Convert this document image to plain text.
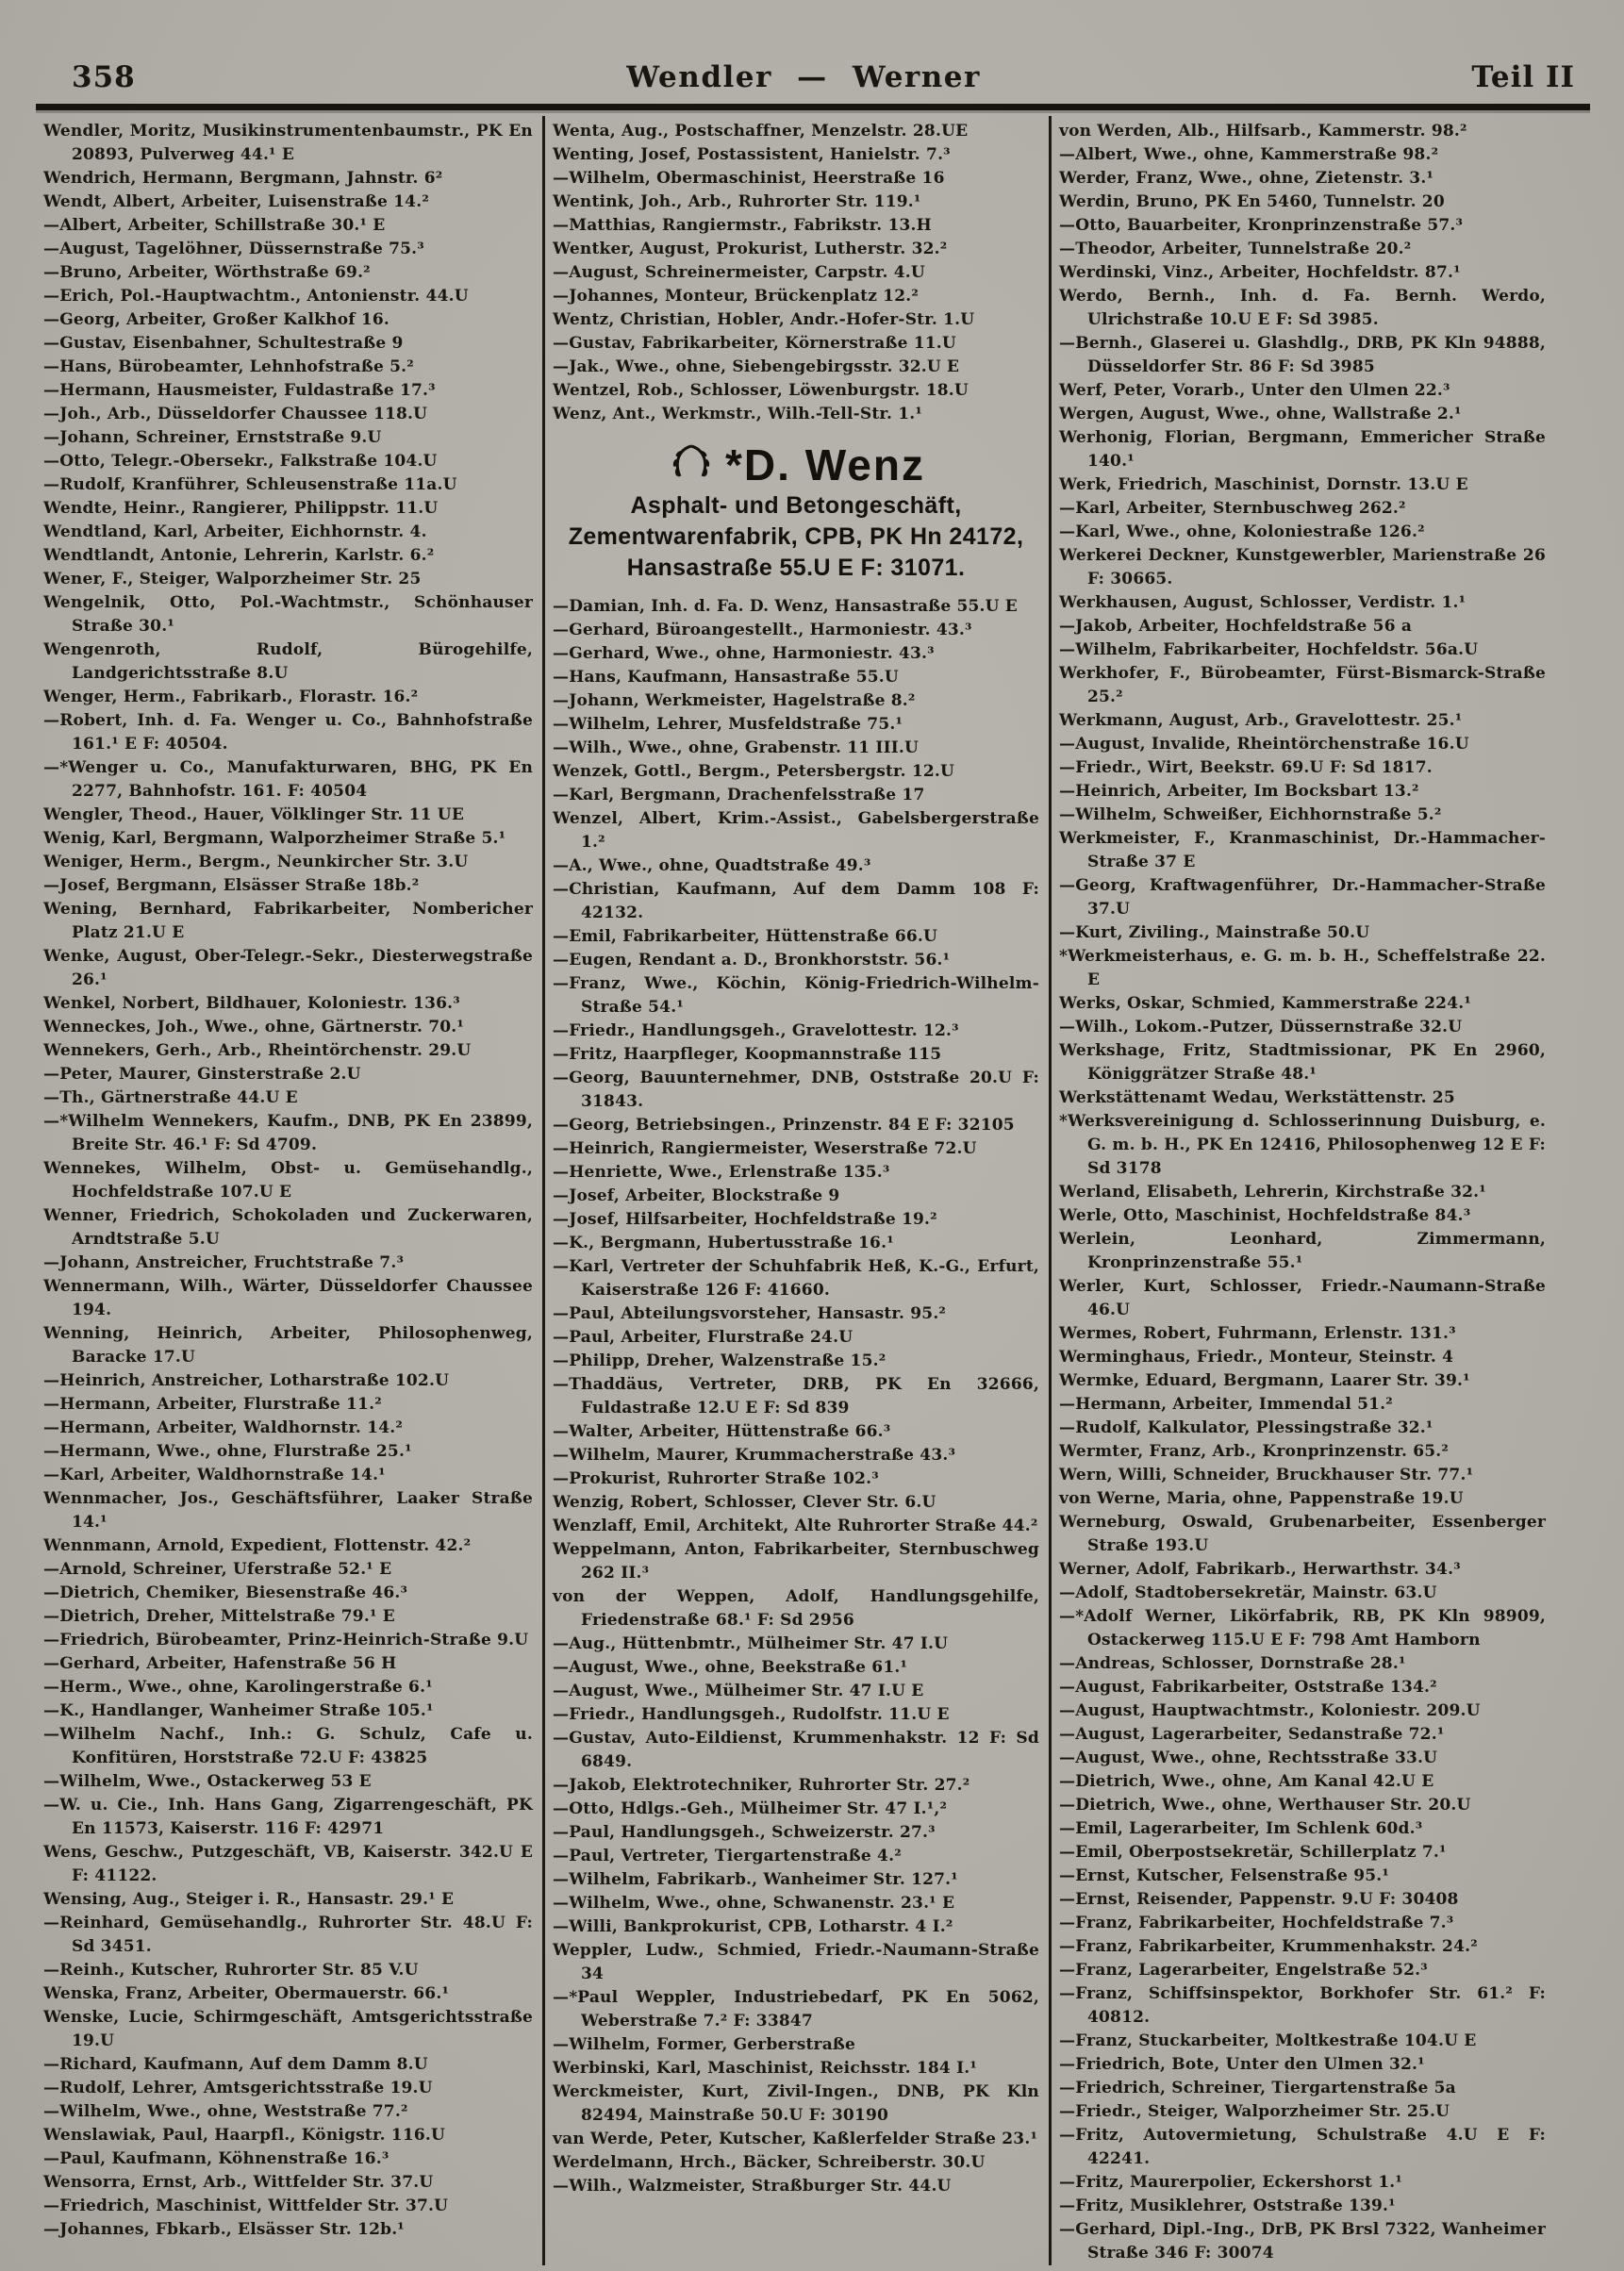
358	Wendler — Werner	Teil II
Wendler, Moritz, Musikinstrumentenbaumstr., PK En 20893, Pulverweg 44.¹ E
Wendrich, Hermann, Bergmann, Jahnstr. 6²
Wendt, Albert, Arbeiter, Luisenstraße 14.²
—Albert, Arbeiter, Schillstraße 30.¹ E
—August, Tagelöhner, Düssernstraße 75.³
—Bruno, Arbeiter, Wörthstraße 69.²
—Erich, Pol.-Hauptwachtm., Antonienstr. 44.U
—Georg, Arbeiter, Großer Kalkhof 16.
—Gustav, Eisenbahner, Schultestraße 9
—Hans, Bürobeamter, Lehnhofstraße 5.²
—Hermann, Hausmeister, Fuldastraße 17.³
—Joh., Arb., Düsseldorfer Chaussee 118.U
—Johann, Schreiner, Ernststraße 9.U
—Otto, Telegr.-Obersekr., Falkstraße 104.U
—Rudolf, Kranführer, Schleusenstraße 11a.U
Wendte, Heinr., Rangierer, Philippstr. 11.U
Wendtland, Karl, Arbeiter, Eichhornstr. 4.
Wendtlandt, Antonie, Lehrerin, Karlstr. 6.²
Wener, F., Steiger, Walporzheimer Str. 25
Wengelnik, Otto, Pol.-Wachtmstr., Schönhauser Straße 30.¹
Wengenroth, Rudolf, Bürogehilfe, Landgerichtsstraße 8.U
Wenger, Herm., Fabrikarb., Florastr. 16.²
—Robert, Inh. d. Fa. Wenger u. Co., Bahnhofstraße 161.¹ E F: 40504.
—*Wenger u. Co., Manufakturwaren, BHG, PK En 2277, Bahnhofstr. 161. F: 40504
Wengler, Theod., Hauer, Völklinger Str. 11 UE
Wenig, Karl, Bergmann, Walporzheimer Straße 5.¹
Weniger, Herm., Bergm., Neunkircher Str. 3.U
—Josef, Bergmann, Elsässer Straße 18b.²
Wening, Bernhard, Fabrikarbeiter, Nombericher Platz 21.U E
Wenke, August, Ober-Telegr.-Sekr., Diesterwegstraße 26.¹
Wenkel, Norbert, Bildhauer, Koloniestr. 136.³
Wenneckes, Joh., Wwe., ohne, Gärtnerstr. 70.¹
Wennekers, Gerh., Arb., Rheintörchenstr. 29.U
—Peter, Maurer, Ginsterstraße 2.U
—Th., Gärtnerstraße 44.U E
—*Wilhelm Wennekers, Kaufm., DNB, PK En 23899, Breite Str. 46.¹ F: Sd 4709.
Wennekes, Wilhelm, Obst- u. Gemüsehandlg., Hochfeldstraße 107.U E
Wenner, Friedrich, Schokoladen und Zuckerwaren, Arndtstraße 5.U
—Johann, Anstreicher, Fruchtstraße 7.³
Wennermann, Wilh., Wärter, Düsseldorfer Chaussee 194.
Wenning, Heinrich, Arbeiter, Philosophenweg, Baracke 17.U
—Heinrich, Anstreicher, Lotharstraße 102.U
—Hermann, Arbeiter, Flurstraße 11.²
—Hermann, Arbeiter, Waldhornstr. 14.²
—Hermann, Wwe., ohne, Flurstraße 25.¹
—Karl, Arbeiter, Waldhornstraße 14.¹
Wennmacher, Jos., Geschäftsführer, Laaker Straße 14.¹
Wennmann, Arnold, Expedient, Flottenstr. 42.²
—Arnold, Schreiner, Uferstraße 52.¹ E
—Dietrich, Chemiker, Biesenstraße 46.³
—Dietrich, Dreher, Mittelstraße 79.¹ E
—Friedrich, Bürobeamter, Prinz-Heinrich-Straße 9.U
—Gerhard, Arbeiter, Hafenstraße 56 H
—Herm., Wwe., ohne, Karolingerstraße 6.¹
—K., Handlanger, Wanheimer Straße 105.¹
—Wilhelm Nachf., Inh.: G. Schulz, Cafe u. Konfitüren, Horststraße 72.U F: 43825
—Wilhelm, Wwe., Ostackerweg 53 E
—W. u. Cie., Inh. Hans Gang, Zigarrengeschäft, PK En 11573, Kaiserstr. 116 F: 42971
Wens, Geschw., Putzgeschäft, VB, Kaiserstr. 342.U E F: 41122.
Wensing, Aug., Steiger i. R., Hansastr. 29.¹ E
—Reinhard, Gemüsehandlg., Ruhrorter Str. 48.U F: Sd 3451.
—Reinh., Kutscher, Ruhrorter Str. 85 V.U
Wenska, Franz, Arbeiter, Obermauerstr. 66.¹
Wenske, Lucie, Schirmgeschäft, Amtsgerichtsstraße 19.U
—Richard, Kaufmann, Auf dem Damm 8.U
—Rudolf, Lehrer, Amtsgerichtsstraße 19.U
—Wilhelm, Wwe., ohne, Weststraße 77.²
Wenslawiak, Paul, Haarpfl., Königstr. 116.U
—Paul, Kaufmann, Köhnenstraße 16.³
Wensorra, Ernst, Arb., Wittfelder Str. 37.U
—Friedrich, Maschinist, Wittfelder Str. 37.U
—Johannes, Fbkarb., Elsässer Str. 12b.¹
Wenta, Aug., Postschaffner, Menzelstr. 28.UE
Wenting, Josef, Postassistent, Hanielstr. 7.³
—Wilhelm, Obermaschinist, Heerstraße 16
Wentink, Joh., Arb., Ruhrorter Str. 119.¹
—Matthias, Rangiermstr., Fabrikstr. 13.H
Wentker, August, Prokurist, Lutherstr. 32.²
—August, Schreinermeister, Carpstr. 4.U
—Johannes, Monteur, Brückenplatz 12.²
Wentz, Christian, Hobler, Andr.-Hofer-Str. 1.U
—Gustav, Fabrikarbeiter, Körnerstraße 11.U
—Jak., Wwe., ohne, Siebengebirgsstr. 32.U E
Wentzel, Rob., Schlosser, Löwenburgstr. 18.U
Wenz, Ant., Werkmstr., Wilh.-Tell-Str. 1.¹
*D. Wenz
Asphalt- und Betongeschäft,
Zementwarenfabrik, CPB, PK Hn 24172,
Hansastraße 55.U E F: 31071.
—Damian, Inh. d. Fa. D. Wenz, Hansastraße 55.U E
—Gerhard, Büroangestellt., Harmoniestr. 43.³
—Gerhard, Wwe., ohne, Harmoniestr. 43.³
—Hans, Kaufmann, Hansastraße 55.U
—Johann, Werkmeister, Hagelstraße 8.²
—Wilhelm, Lehrer, Musfeldstraße 75.¹
—Wilh., Wwe., ohne, Grabenstr. 11 III.U
Wenzek, Gottl., Bergm., Petersbergstr. 12.U
—Karl, Bergmann, Drachenfelsstraße 17
Wenzel, Albert, Krim.-Assist., Gabelsbergerstraße 1.²
—A., Wwe., ohne, Quadtstraße 49.³
—Christian, Kaufmann, Auf dem Damm 108 F: 42132.
—Emil, Fabrikarbeiter, Hüttenstraße 66.U
—Eugen, Rendant a. D., Bronkhorststr. 56.¹
—Franz, Wwe., Köchin, König-Friedrich-Wilhelm-Straße 54.¹
—Friedr., Handlungsgeh., Gravelottestr. 12.³
—Fritz, Haarpfleger, Koopmannstraße 115
—Georg, Bauunternehmer, DNB, Oststraße 20.U F: 31843.
—Georg, Betriebsingen., Prinzenstr. 84 E F: 32105
—Heinrich, Rangiermeister, Weserstraße 72.U
—Henriette, Wwe., Erlenstraße 135.³
—Josef, Arbeiter, Blockstraße 9
—Josef, Hilfsarbeiter, Hochfeldstraße 19.²
—K., Bergmann, Hubertusstraße 16.¹
—Karl, Vertreter der Schuhfabrik Heß, K.-G., Erfurt, Kaiserstraße 126 F: 41660.
—Paul, Abteilungsvorsteher, Hansastr. 95.²
—Paul, Arbeiter, Flurstraße 24.U
—Philipp, Dreher, Walzenstraße 15.²
—Thaddäus, Vertreter, DRB, PK En 32666, Fuldastraße 12.U E F: Sd 839
—Walter, Arbeiter, Hüttenstraße 66.³
—Wilhelm, Maurer, Krummacherstraße 43.³
—Prokurist, Ruhrorter Straße 102.³
Wenzig, Robert, Schlosser, Clever Str. 6.U
Wenzlaff, Emil, Architekt, Alte Ruhrorter Straße 44.²
Weppelmann, Anton, Fabrikarbeiter, Sternbuschweg 262 II.³
von der Weppen, Adolf, Handlungsgehilfe, Friedenstraße 68.¹ F: Sd 2956
—Aug., Hüttenbmtr., Mülheimer Str. 47 I.U
—August, Wwe., ohne, Beekstraße 61.¹
—August, Wwe., Mülheimer Str. 47 I.U E
—Friedr., Handlungsgeh., Rudolfstr. 11.U E
—Gustav, Auto-Eildienst, Krummenhakstr. 12 F: Sd 6849.
—Jakob, Elektrotechniker, Ruhrorter Str. 27.²
—Otto, Hdlgs.-Geh., Mülheimer Str. 47 I.¹,²
—Paul, Handlungsgeh., Schweizerstr. 27.³
—Paul, Vertreter, Tiergartenstraße 4.²
—Wilhelm, Fabrikarb., Wanheimer Str. 127.¹
—Wilhelm, Wwe., ohne, Schwanenstr. 23.¹ E
—Willi, Bankprokurist, CPB, Lotharstr. 4 I.²
Weppler, Ludw., Schmied, Friedr.-Naumann-Straße 34
—*Paul Weppler, Industriebedarf, PK En 5062, Weberstraße 7.² F: 33847
—Wilhelm, Former, Gerberstraße
Werbinski, Karl, Maschinist, Reichsstr. 184 I.¹
Werckmeister, Kurt, Zivil-Ingen., DNB, PK Kln 82494, Mainstraße 50.U F: 30190
van Werde, Peter, Kutscher, Kaßlerfelder Straße 23.¹
Werdelmann, Hrch., Bäcker, Schreiberstr. 30.U
—Wilh., Walzmeister, Straßburger Str. 44.U
von Werden, Alb., Hilfsarb., Kammerstr. 98.²
—Albert, Wwe., ohne, Kammerstraße 98.²
Werder, Franz, Wwe., ohne, Zietenstr. 3.¹
Werdin, Bruno, PK En 5460, Tunnelstr. 20
—Otto, Bauarbeiter, Kronprinzenstraße 57.³
—Theodor, Arbeiter, Tunnelstraße 20.²
Werdinski, Vinz., Arbeiter, Hochfeldstr. 87.¹
Werdo, Bernh., Inh. d. Fa. Bernh. Werdo, Ulrichstraße 10.U E F: Sd 3985.
—Bernh., Glaserei u. Glashdlg., DRB, PK Kln 94888, Düsseldorfer Str. 86 F: Sd 3985
Werf, Peter, Vorarb., Unter den Ulmen 22.³
Wergen, August, Wwe., ohne, Wallstraße 2.¹
Werhonig, Florian, Bergmann, Emmericher Straße 140.¹
Werk, Friedrich, Maschinist, Dornstr. 13.U E
—Karl, Arbeiter, Sternbuschweg 262.²
—Karl, Wwe., ohne, Koloniestraße 126.²
Werkerei Deckner, Kunstgewerbler, Marienstraße 26 F: 30665.
Werkhausen, August, Schlosser, Verdistr. 1.¹
—Jakob, Arbeiter, Hochfeldstraße 56 a
—Wilhelm, Fabrikarbeiter, Hochfeldstr. 56a.U
Werkhofer, F., Bürobeamter, Fürst-Bismarck-Straße 25.²
Werkmann, August, Arb., Gravelottestr. 25.¹
—August, Invalide, Rheintörchenstraße 16.U
—Friedr., Wirt, Beekstr. 69.U F: Sd 1817.
—Heinrich, Arbeiter, Im Bocksbart 13.²
—Wilhelm, Schweißer, Eichhornstraße 5.²
Werkmeister, F., Kranmaschinist, Dr.-Hammacher-Straße 37 E
—Georg, Kraftwagenführer, Dr.-Hammacher-Straße 37.U
—Kurt, Ziviling., Mainstraße 50.U
*Werkmeisterhaus, e. G. m. b. H., Scheffelstraße 22. E
Werks, Oskar, Schmied, Kammerstraße 224.¹
—Wilh., Lokom.-Putzer, Düssernstraße 32.U
Werkshage, Fritz, Stadtmissionar, PK En 2960, Königgrätzer Straße 48.¹
Werkstättenamt Wedau, Werkstättenstr. 25
*Werksvereinigung d. Schlosserinnung Duisburg, e. G. m. b. H., PK En 12416, Philosophenweg 12 E F: Sd 3178
Werland, Elisabeth, Lehrerin, Kirchstraße 32.¹
Werle, Otto, Maschinist, Hochfeldstraße 84.³
Werlein, Leonhard, Zimmermann, Kronprinzenstraße 55.¹
Werler, Kurt, Schlosser, Friedr.-Naumann-Straße 46.U
Wermes, Robert, Fuhrmann, Erlenstr. 131.³
Werminghaus, Friedr., Monteur, Steinstr. 4
Wermke, Eduard, Bergmann, Laarer Str. 39.¹
—Hermann, Arbeiter, Immendal 51.²
—Rudolf, Kalkulator, Plessingstraße 32.¹
Wermter, Franz, Arb., Kronprinzenstr. 65.²
Wern, Willi, Schneider, Bruckhauser Str. 77.¹
von Werne, Maria, ohne, Pappenstraße 19.U
Werneburg, Oswald, Grubenarbeiter, Essenberger Straße 193.U
Werner, Adolf, Fabrikarb., Herwarthstr. 34.³
—Adolf, Stadtobersekretär, Mainstr. 63.U
—*Adolf Werner, Likörfabrik, RB, PK Kln 98909, Ostackerweg 115.U E F: 798 Amt Hamborn
—Andreas, Schlosser, Dornstraße 28.¹
—August, Fabrikarbeiter, Oststraße 134.²
—August, Hauptwachtmstr., Koloniestr. 209.U
—August, Lagerarbeiter, Sedanstraße 72.¹
—August, Wwe., ohne, Rechtsstraße 33.U
—Dietrich, Wwe., ohne, Am Kanal 42.U E
—Dietrich, Wwe., ohne, Werthauser Str. 20.U
—Emil, Lagerarbeiter, Im Schlenk 60d.³
—Emil, Oberpostsekretär, Schillerplatz 7.¹
—Ernst, Kutscher, Felsenstraße 95.¹
—Ernst, Reisender, Pappenstr. 9.U F: 30408
—Franz, Fabrikarbeiter, Hochfeldstraße 7.³
—Franz, Fabrikarbeiter, Krummenhakstr. 24.²
—Franz, Lagerarbeiter, Engelstraße 52.³
—Franz, Schiffsinspektor, Borkhofer Str. 61.² F: 40812.
—Franz, Stuckarbeiter, Moltkestraße 104.U E
—Friedrich, Bote, Unter den Ulmen 32.¹
—Friedrich, Schreiner, Tiergartenstraße 5a
—Friedr., Steiger, Walporzheimer Str. 25.U
—Fritz, Autovermietung, Schulstraße 4.U E F: 42241.
—Fritz, Maurerpolier, Eckershorst 1.¹
—Fritz, Musiklehrer, Oststraße 139.¹
—Gerhard, Dipl.-Ing., DrB, PK Brsl 7322, Wanheimer Straße 346 F: 30074
